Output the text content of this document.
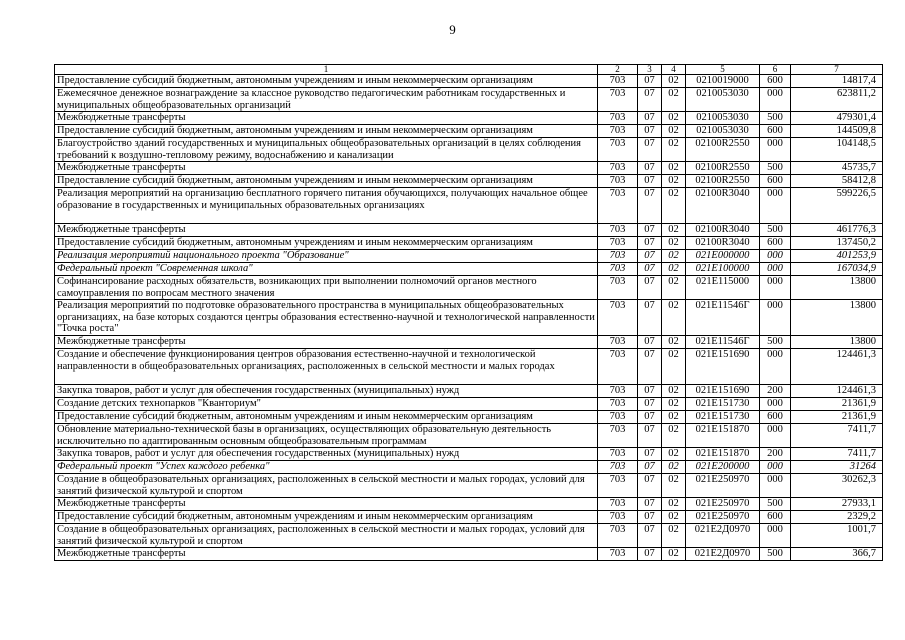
9
1	2	3	4	5	6	7
Предоставление субсидий бюджетным, автономным учреждениям и иным некоммерческим организациям	703	07	02	0210019000	600	14817,4
Ежемесячное денежное вознаграждение за классное руководство педагогическим работникам государственных и муниципальных общеобразовательных организаций	703	07	02	0210053030	000	623811,2
Межбюджетные трансферты	703	07	02	0210053030	500	479301,4
Предоставление субсидий бюджетным, автономным учреждениям и иным некоммерческим организациям	703	07	02	0210053030	600	144509,8
Благоустройство зданий государственных и муниципальных общеобразовательных организаций в целях соблюдения требований к воздушно-тепловому режиму, водоснабжению и канализации	703	07	02	02100R2550	000	104148,5
Межбюджетные трансферты	703	07	02	02100R2550	500	45735,7
Предоставление субсидий бюджетным, автономным учреждениям и иным некоммерческим организациям	703	07	02	02100R2550	600	58412,8
Реализация мероприятий на организацию бесплатного горячего питания обучающихся, получающих начальное общее образование в государственных и муниципальных образовательных организациях	703	07	02	02100R3040	000	599226,5
Межбюджетные трансферты	703	07	02	02100R3040	500	461776,3
Предоставление субсидий бюджетным, автономным учреждениям и иным некоммерческим организациям	703	07	02	02100R3040	600	137450,2
Реализация мероприятий национального проекта "Образование"	703	07	02	021E000000	000	401253,9
Федеральный проект "Современная школа"	703	07	02	021E100000	000	167034,9
Софинансирование расходных обязательств, возникающих при выполнении полномочий органов местного самоуправления по вопросам местного значения	703	07	02	021E115000	000	13800
Реализация мероприятий по подготовке образовательного пространства в муниципальных общеобразовательных организациях, на базе которых создаются центры образования естественно-научной и технологической направленности "Точка роста"	703	07	02	021E11546Г	000	13800
Межбюджетные трансферты	703	07	02	021E11546Г	500	13800
Создание и обеспечение функционирования центров образования естественно-научной и технологической направленности в общеобразовательных организациях, расположенных в сельской местности и малых городах	703	07	02	021E151690	000	124461,3
Закупка товаров, работ и услуг для обеспечения государственных (муниципальных) нужд	703	07	02	021E151690	200	124461,3
Создание детских технопарков "Кванториум"	703	07	02	021E151730	000	21361,9
Предоставление субсидий бюджетным, автономным учреждениям и иным некоммерческим организациям	703	07	02	021E151730	600	21361,9
Обновление материально-технической базы в организациях, осуществляющих образовательную деятельность исключительно по адаптированным основным общеобразовательным программам	703	07	02	021E151870	000	7411,7
Закупка товаров, работ и услуг для обеспечения государственных (муниципальных) нужд	703	07	02	021E151870	200	7411,7
Федеральный проект "Успех каждого ребенка"	703	07	02	021E200000	000	31264
Создание в общеобразовательных организациях, расположенных в сельской местности и малых городах, условий для занятий физической культурой и спортом	703	07	02	021E250970	000	30262,3
Межбюджетные трансферты	703	07	02	021E250970	500	27933,1
Предоставление субсидий бюджетным, автономным учреждениям и иным некоммерческим организациям	703	07	02	021E250970	600	2329,2
Создание в общеобразовательных организациях, расположенных в сельской местности и малых городах, условий для занятий физической культурой и спортом	703	07	02	021E2Д0970	000	1001,7
Межбюджетные трансферты	703	07	02	021E2Д0970	500	366,7
